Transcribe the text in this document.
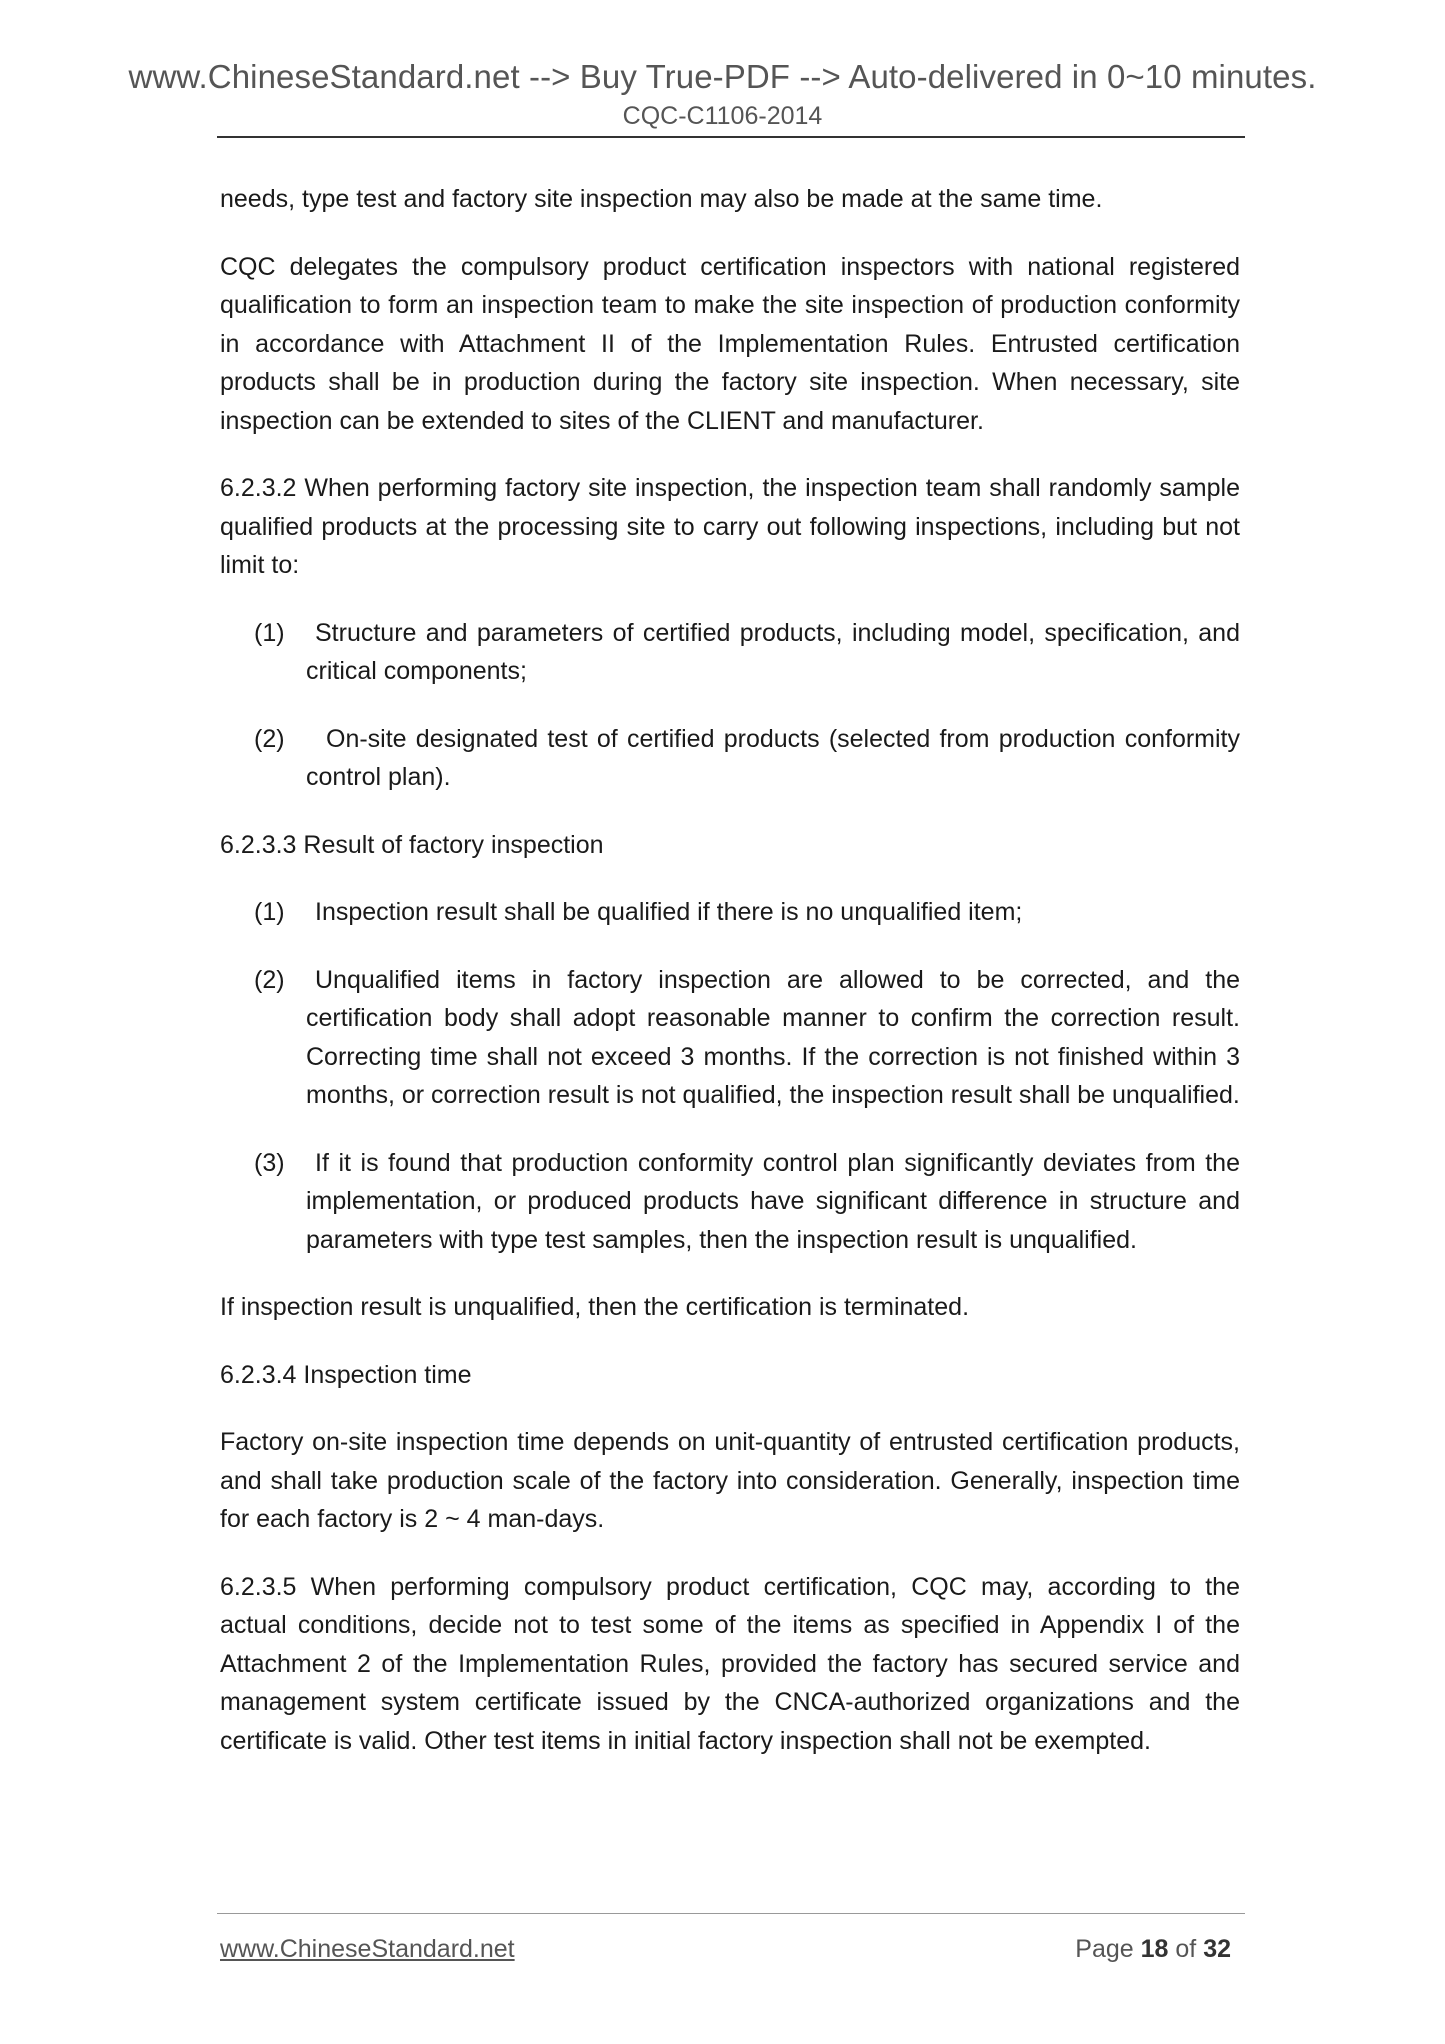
www.ChineseStandard.net --> Buy True-PDF --> Auto-delivered in 0~10 minutes.
CQC-C1106-2014

needs, type test and factory site inspection may also be made at the same time.

CQC delegates the compulsory product certification inspectors with national registered qualification to form an inspection team to make the site inspection of production conformity in accordance with Attachment II of the Implementation Rules. Entrusted certification products shall be in production during the factory site inspection. When necessary, site inspection can be extended to sites of the CLIENT and manufacturer.

6.2.3.2 When performing factory site inspection, the inspection team shall randomly sample qualified products at the processing site to carry out following inspections, including but not limit to:

(1)	Structure and parameters of certified products, including model, specification, and critical components;
(2)	On-site designated test of certified products (selected from production conformity control plan).

6.2.3.3 Result of factory inspection

(1)	Inspection result shall be qualified if there is no unqualified item;
(2)	Unqualified items in factory inspection are allowed to be corrected, and the certification body shall adopt reasonable manner to confirm the correction result. Correcting time shall not exceed 3 months. If the correction is not finished within 3 months, or correction result is not qualified, the inspection result shall be unqualified.
(3)	If it is found that production conformity control plan significantly deviates from the implementation, or produced products have significant difference in structure and parameters with type test samples, then the inspection result is unqualified.

If inspection result is unqualified, then the certification is terminated.

6.2.3.4 Inspection time

Factory on-site inspection time depends on unit-quantity of entrusted certification products, and shall take production scale of the factory into consideration. Generally, inspection time for each factory is 2 ~ 4 man-days.

6.2.3.5 When performing compulsory product certification, CQC may, according to the actual conditions, decide not to test some of the items as specified in Appendix I of the Attachment 2 of the Implementation Rules, provided the factory has secured service and management system certificate issued by the CNCA-authorized organizations and the certificate is valid. Other test items in initial factory inspection shall not be exempted.

www.ChineseStandard.net	Page 18 of 32
